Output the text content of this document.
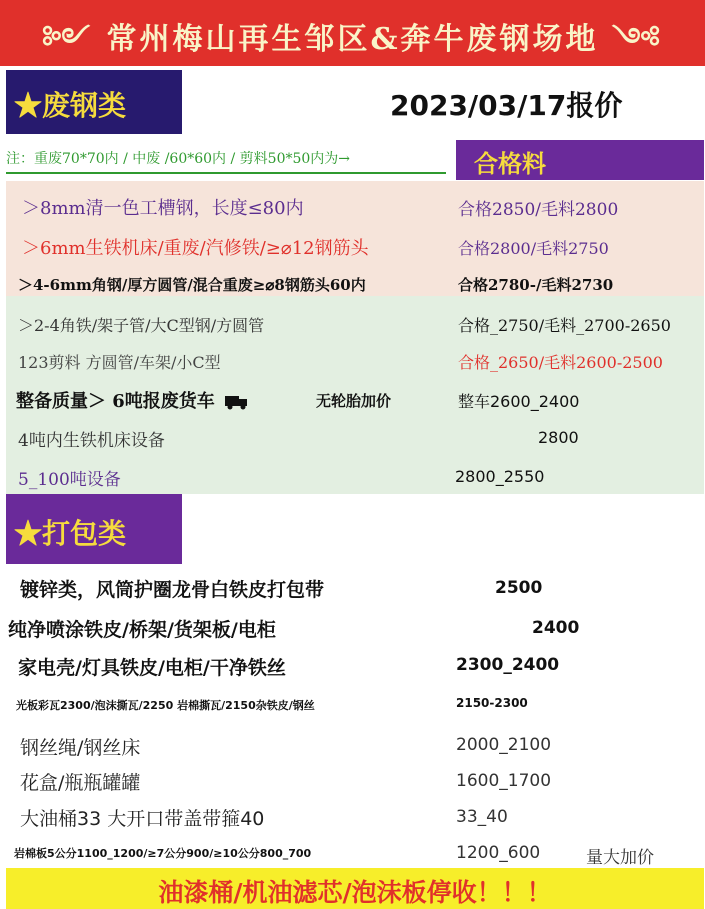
༻ 常州梅山再生邹区&奔牛废钢场地 ༺
★废钢类	2023/03/17报价
注：重废70*70内 / 中废 /60*60内 / 剪料50*50内为→	合格料
＞8mm清一色工槽钢，长度≤80内	合格2850/毛料2800
＞6mm生铁机床/重废/汽修铁/≥⌀12钢筋头	合格2800/毛料2750
＞4-6mm角钢/厚方圆管/混合重废≥⌀8钢筋头60内	合格2780-/毛料2730
＞2-4角铁/架子管/大C型钢/方圆管	合格_2750/毛料_2700-2650
123剪料 方圆管/车架/小C型	合格_2650/毛料2600-2500
整备质量＞ 6吨报废货车	无轮胎加价	整车2600_2400
4吨内生铁机床设备	2800
5_100吨设备	2800_2550
★打包类
镀锌类，风筒护圈龙骨白铁皮打包带	2500
纯净喷涂铁皮/桥架/货架板/电柜	2400
家电壳/灯具铁皮/电柜/干净铁丝	2300_2400
光板彩瓦2300/泡沫撕瓦/2250 岩棉撕瓦/2150杂铁皮/钢丝	2150-2300
钢丝绳/钢丝床	2000_2100
花盒/瓶瓶罐罐	1600_1700
大油桶33 大开口带盖带箍40	33_40
岩棉板5公分1100_1200/≥7公分900/≥10公分800_700	1200_600	量大加价
油漆桶/机油滤芯/泡沫板停收！！！
